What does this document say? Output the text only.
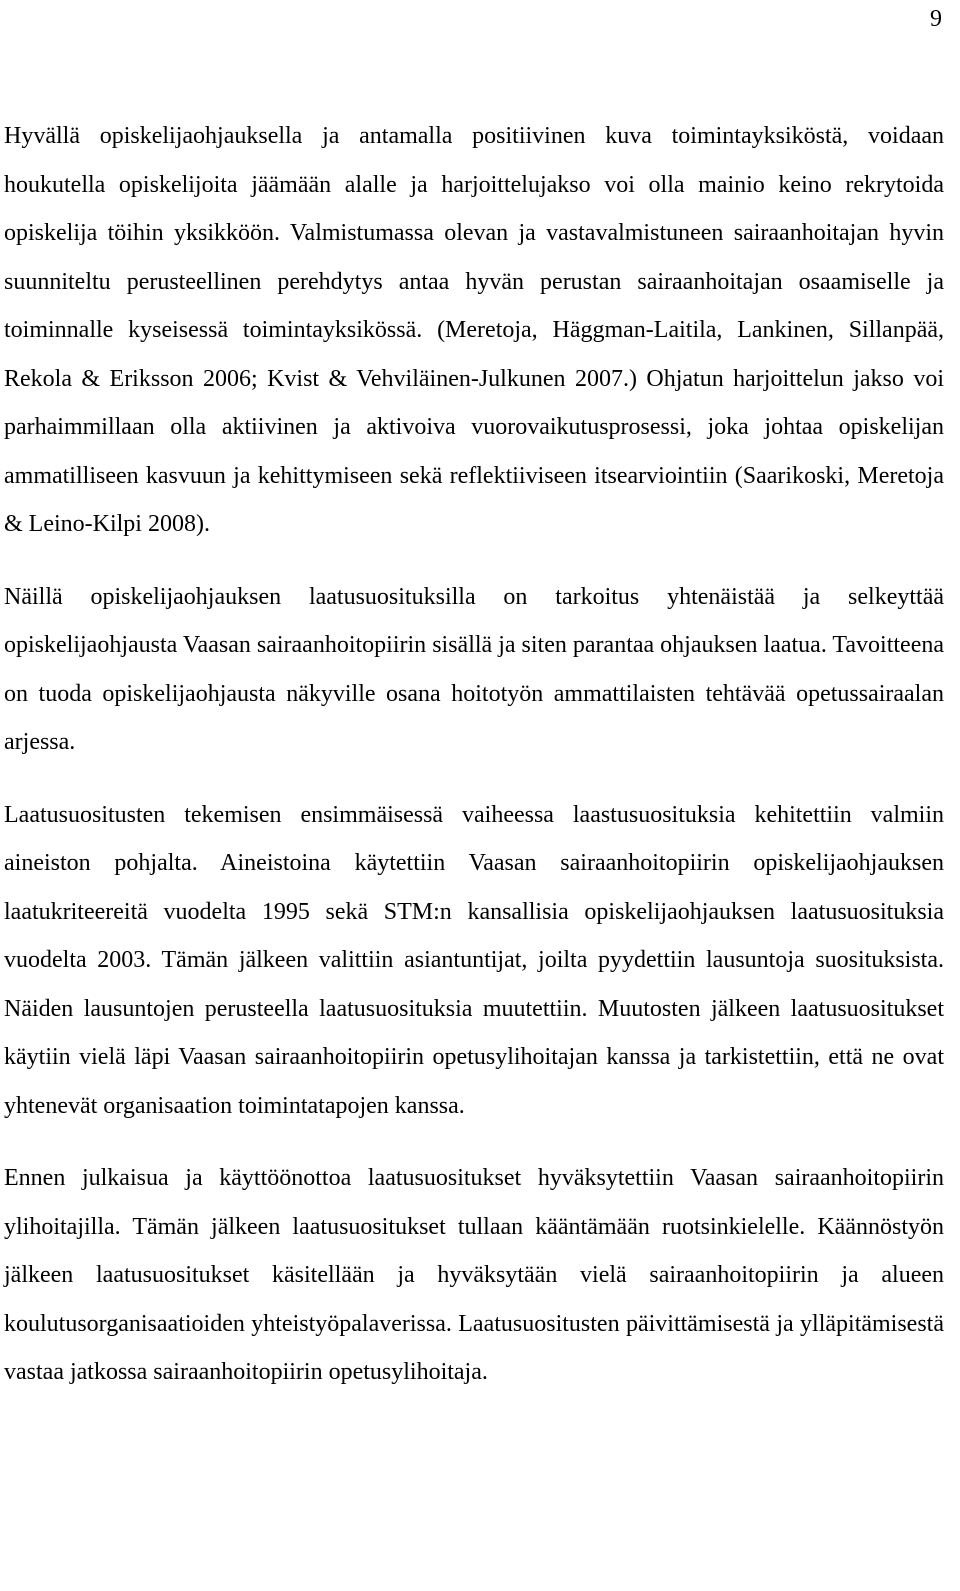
9

Hyvällä opiskelijaohjauksella ja antamalla positiivinen kuva toimintayksiköstä, voidaan houkutella opiskelijoita jäämään alalle ja harjoittelujakso voi olla mainio keino rekrytoida opiskelija töihin yksikköön. Valmistumassa olevan ja vastavalmistuneen sairaanhoitajan hyvin suunniteltu perusteellinen perehdytys antaa hyvän perustan sairaanhoitajan osaamiselle ja toiminnalle kyseisessä toimintayksikössä. (Meretoja, Häggman-Laitila, Lankinen, Sillanpää, Rekola & Eriksson 2006; Kvist & Vehviläinen-Julkunen 2007.) Ohjatun harjoittelun jakso voi parhaimmillaan olla aktiivinen ja aktivoiva vuorovaikutusprosessi, joka johtaa opiskelijan ammatilliseen kasvuun ja kehittymiseen sekä reflektiiviseen itsearviointiin (Saarikoski, Meretoja & Leino-Kilpi 2008).

Näillä opiskelijaohjauksen laatusuosituksilla on tarkoitus yhtenäistää ja selkeyttää opiskelijaohjausta Vaasan sairaanhoitopiirin sisällä ja siten parantaa ohjauksen laatua. Tavoitteena on tuoda opiskelijaohjausta näkyville osana hoitotyön ammattilaisten tehtävää opetussairaalan arjessa.

Laatusuositusten tekemisen ensimmäisessä vaiheessa laastusuosituksia kehitettiin valmiin aineiston pohjalta. Aineistoina käytettiin Vaasan sairaanhoitopiirin opiskelijaohjauksen laatukriteereitä vuodelta 1995 sekä STM:n kansallisia opiskelijaohjauksen laatusuosituksia vuodelta 2003. Tämän jälkeen valittiin asiantuntijat, joilta pyydettiin lausuntoja suosituksista. Näiden lausuntojen perusteella laatusuosituksia muutettiin. Muutosten jälkeen laatusuositukset käytiin vielä läpi Vaasan sairaanhoitopiirin opetusylihoitajan kanssa ja tarkistettiin, että ne ovat yhtenevät organisaation toimintatapojen kanssa.

Ennen julkaisua ja käyttöönottoa laatusuositukset hyväksytettiin Vaasan sairaanhoitopiirin ylihoitajilla. Tämän jälkeen laatusuositukset tullaan kääntämään ruotsinkielelle. Käännöstyön jälkeen laatusuositukset käsitellään ja hyväksytään vielä sairaanhoitopiirin ja alueen koulutusorganisaatioiden yhteistyöpalaverissa. Laatusuositusten päivittämisestä ja ylläpitämisestä vastaa jatkossa sairaanhoitopiirin opetusylihoitaja.
